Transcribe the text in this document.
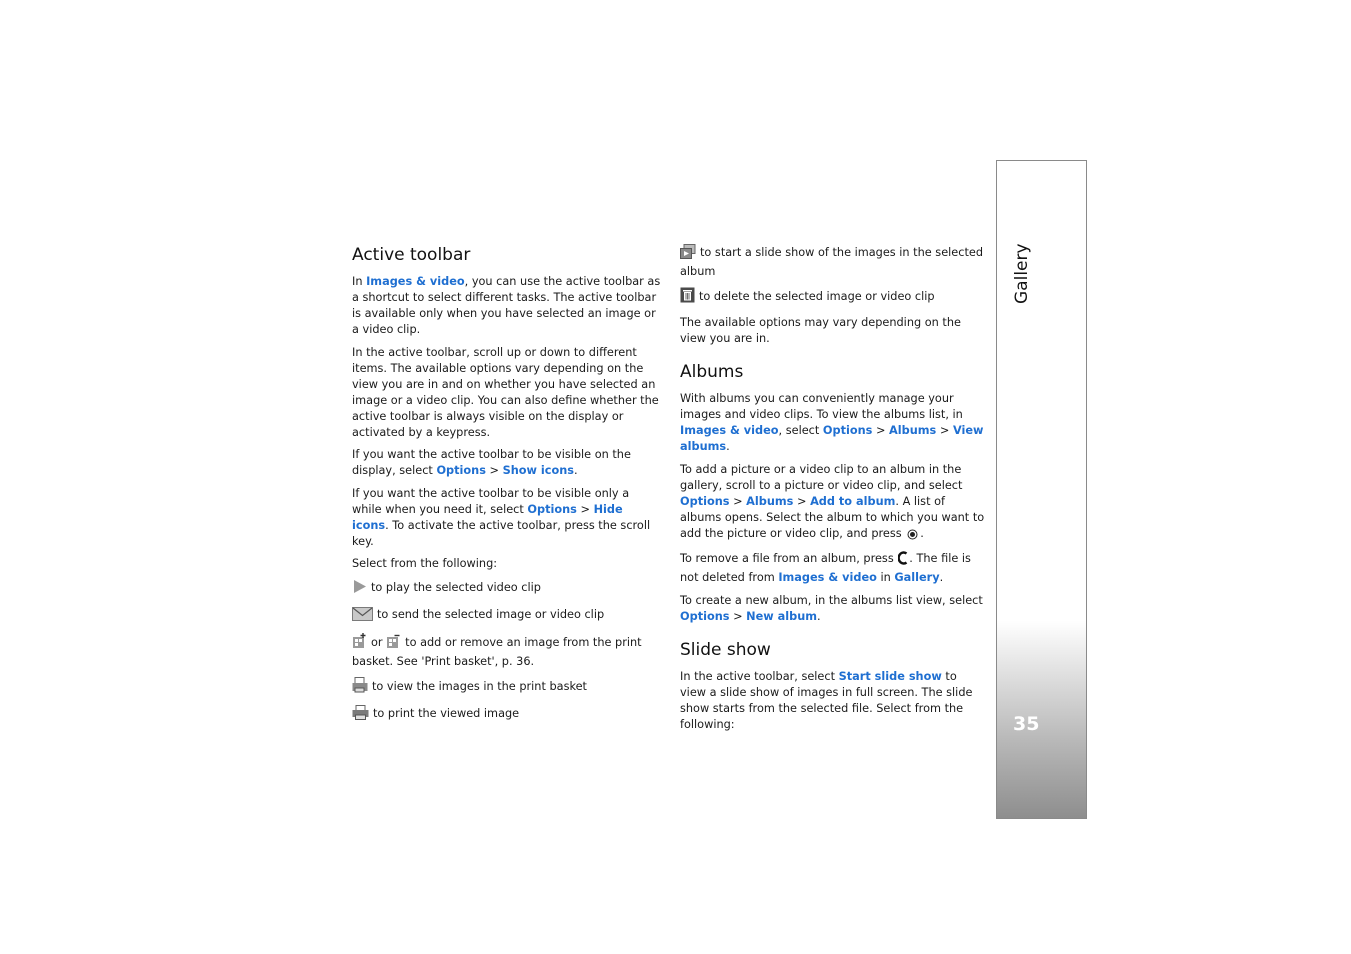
Active toolbar

In Images & video, you can use the active toolbar as a shortcut to select different tasks. The active toolbar is available only when you have selected an image or a video clip.

In the active toolbar, scroll up or down to different items. The available options vary depending on the view you are in and on whether you have selected an image or a video clip. You can also define whether the active toolbar is always visible on the display or activated by a keypress.

If you want the active toolbar to be visible on the display, select Options > Show icons.

If you want the active toolbar to be visible only a while when you need it, select Options > Hide icons. To activate the active toolbar, press the scroll key.

Select from the following:

to play the selected video clip
to send the selected image or video clip
or to add or remove an image from the print basket. See 'Print basket', p. 36.
to view the images in the print basket
to print the viewed image
to start a slide show of the images in the selected album
to delete the selected image or video clip

The available options may vary depending on the view you are in.

Albums

With albums you can conveniently manage your images and video clips. To view the albums list, in Images & video, select Options > Albums > View albums.

To add a picture or a video clip to an album in the gallery, scroll to a picture or video clip, and select Options > Albums > Add to album. A list of albums opens. Select the album to which you want to add the picture or video clip, and press .

To remove a file from an album, press . The file is not deleted from Images & video in Gallery.

To create a new album, in the albums list view, select Options > New album.

Slide show

In the active toolbar, select Start slide show to view a slide show of images in full screen. The slide show starts from the selected file. Select from the following:

Gallery
35
